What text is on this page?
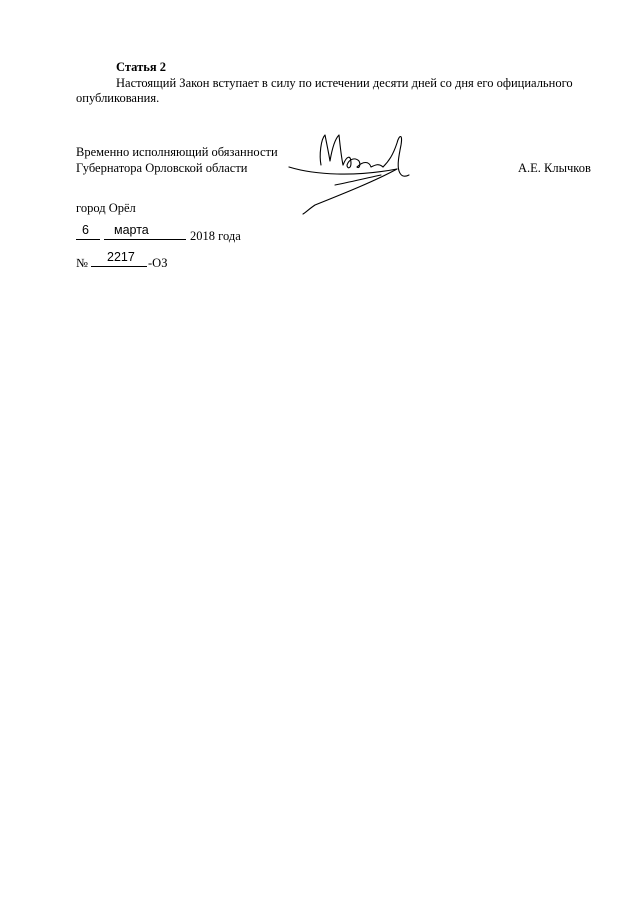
Статья 2
Настоящий Закон вступает в силу по истечении десяти дней со дня его официального
опубликования.
Временно исполняющий обязанности
Губернатора Орловской области	А.Е. Клычков
город Орёл
6 марта	2018 года
№ 2217 -ОЗ
